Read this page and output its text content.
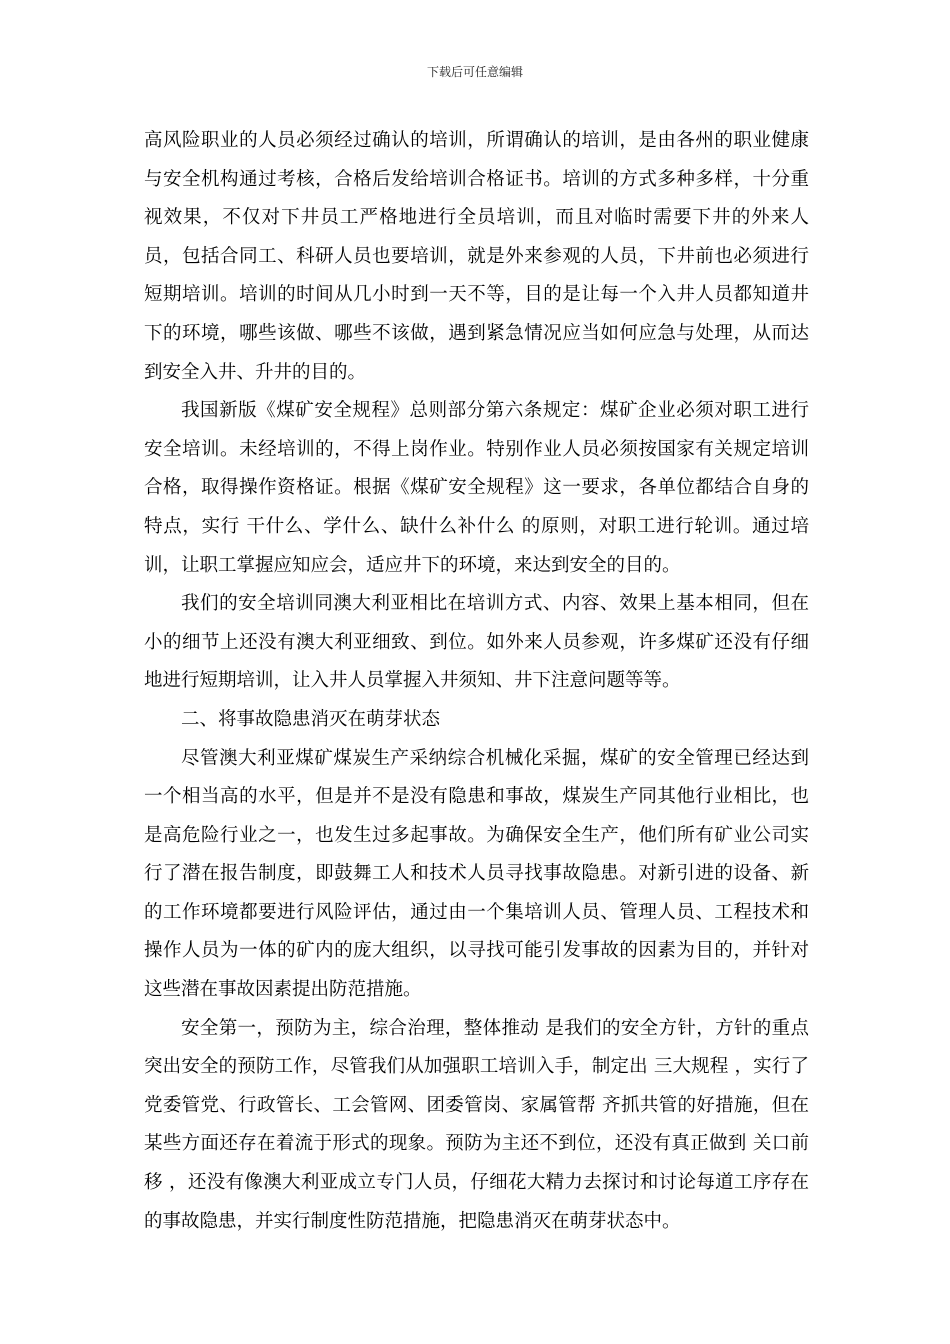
下载后可任意编辑

高风险职业的人员必须经过确认的培训，所谓确认的培训，是由各州的职业健康与安全机构通过考核，合格后发给培训合格证书。培训的方式多种多样，十分重视效果，不仅对下井员工严格地进行全员培训，而且对临时需要下井的外来人员，包括合同工、科研人员也要培训，就是外来参观的人员，下井前也必须进行短期培训。培训的时间从几小时到一天不等，目的是让每一个入井人员都知道井下的环境，哪些该做、哪些不该做，遇到紧急情况应当如何应急与处理，从而达到安全入井、升井的目的。

我国新版《煤矿安全规程》总则部分第六条规定：煤矿企业必须对职工进行安全培训。未经培训的，不得上岗作业。特别作业人员必须按国家有关规定培训合格，取得操作资格证。根据《煤矿安全规程》这一要求，各单位都结合自身的特点，实行 干什么、学什么、缺什么补什么 的原则，对职工进行轮训。通过培训，让职工掌握应知应会，适应井下的环境，来达到安全的目的。

我们的安全培训同澳大利亚相比在培训方式、内容、效果上基本相同，但在小的细节上还没有澳大利亚细致、到位。如外来人员参观，许多煤矿还没有仔细地进行短期培训，让入井人员掌握入井须知、井下注意问题等等。

二、将事故隐患消灭在萌芽状态

尽管澳大利亚煤矿煤炭生产采纳综合机械化采掘，煤矿的安全管理已经达到一个相当高的水平，但是并不是没有隐患和事故，煤炭生产同其他行业相比，也是高危险行业之一，也发生过多起事故。为确保安全生产，他们所有矿业公司实行了潜在报告制度，即鼓舞工人和技术人员寻找事故隐患。对新引进的设备、新的工作环境都要进行风险评估，通过由一个集培训人员、管理人员、工程技术和操作人员为一体的矿内的庞大组织，以寻找可能引发事故的因素为目的，并针对这些潜在事故因素提出防范措施。

安全第一，预防为主，综合治理，整体推动 是我们的安全方针，方针的重点突出安全的预防工作，尽管我们从加强职工培训入手，制定出 三大规程 ，实行了 党委管党、行政管长、工会管网、团委管岗、家属管帮 齐抓共管的好措施，但在某些方面还存在着流于形式的现象。预防为主还不到位，还没有真正做到 关口前移 ，还没有像澳大利亚成立专门人员，仔细花大精力去探讨和讨论每道工序存在的事故隐患，并实行制度性防范措施，把隐患消灭在萌芽状态中。
